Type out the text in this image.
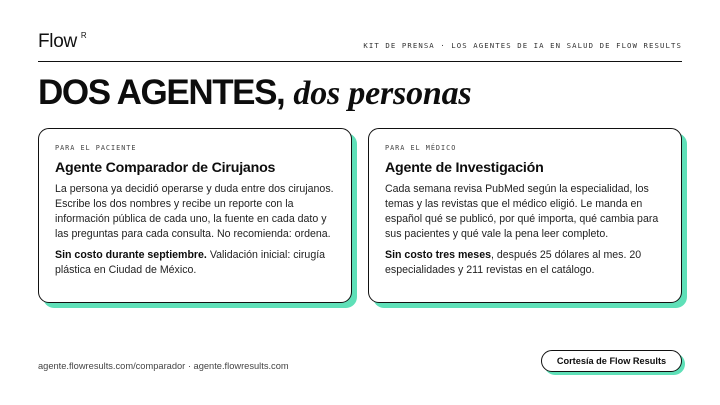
Flow R
KIT DE PRENSA · LOS AGENTES DE IA EN SALUD DE FLOW RESULTS
DOS AGENTES, dos personas
PARA EL PACIENTE
Agente Comparador de Cirujanos

La persona ya decidió operarse y duda entre dos cirujanos. Escribe los dos nombres y recibe un reporte con la información pública de cada uno, la fuente en cada dato y las preguntas para cada consulta. No recomienda: ordena.

Sin costo durante septiembre. Validación inicial: cirugía plástica en Ciudad de México.

PARA EL MÉDICO
Agente de Investigación

Cada semana revisa PubMed según la especialidad, los temas y las revistas que el médico eligió. Le manda en español qué se publicó, por qué importa, qué cambia para sus pacientes y qué vale la pena leer completo.

Sin costo tres meses, después 25 dólares al mes. 20 especialidades y 211 revistas en el catálogo.

agente.flowresults.com/comparador · agente.flowresults.com	Cortesía de Flow Results
